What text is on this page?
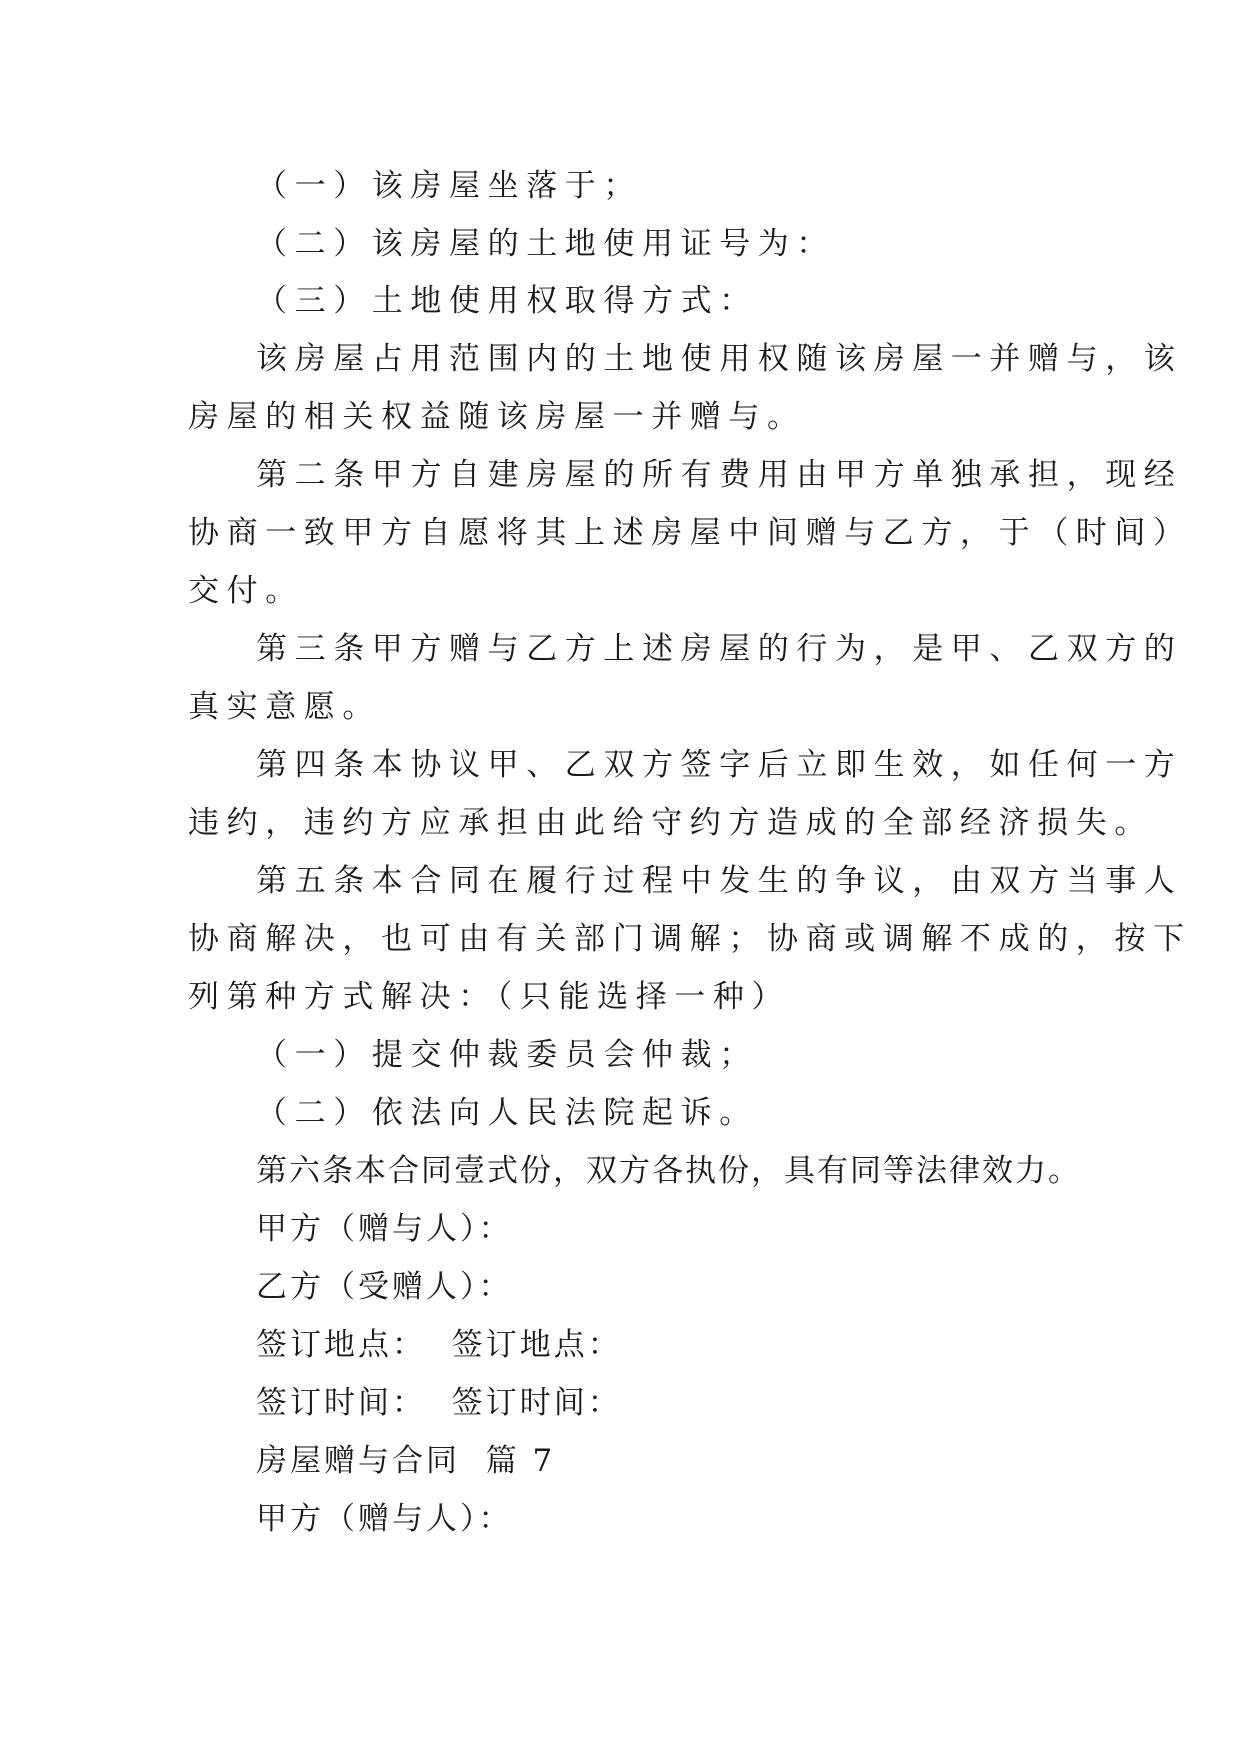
（一）该房屋坐落于；

（二）该房屋的土地使用证号为：

（三）土地使用权取得方式：

该房屋占用范围内的土地使用权随该房屋一并赠与，该

房屋的相关权益随该房屋一并赠与。

第二条甲方自建房屋的所有费用由甲方单独承担，现经

协商一致甲方自愿将其上述房屋中间赠与乙方，于（时间）

交付。

第三条甲方赠与乙方上述房屋的行为，是甲、乙双方的

真实意愿。

第四条本协议甲、乙双方签字后立即生效，如任何一方

违约，违约方应承担由此给守约方造成的全部经济损失。

第五条本合同在履行过程中发生的争议，由双方当事人

协商解决，也可由有关部门调解；协商或调解不成的，按下

列第种方式解决：（只能选择一种）

（一）提交仲裁委员会仲裁；

（二）依法向人民法院起诉。

第六条本合同壹式份，双方各执份，具有同等法律效力。

甲方（赠与人）：

乙方（受赠人）：

签订地点：  签订地点：

签订时间：  签订时间：

房屋赠与合同  篇 7

甲方（赠与人）：
